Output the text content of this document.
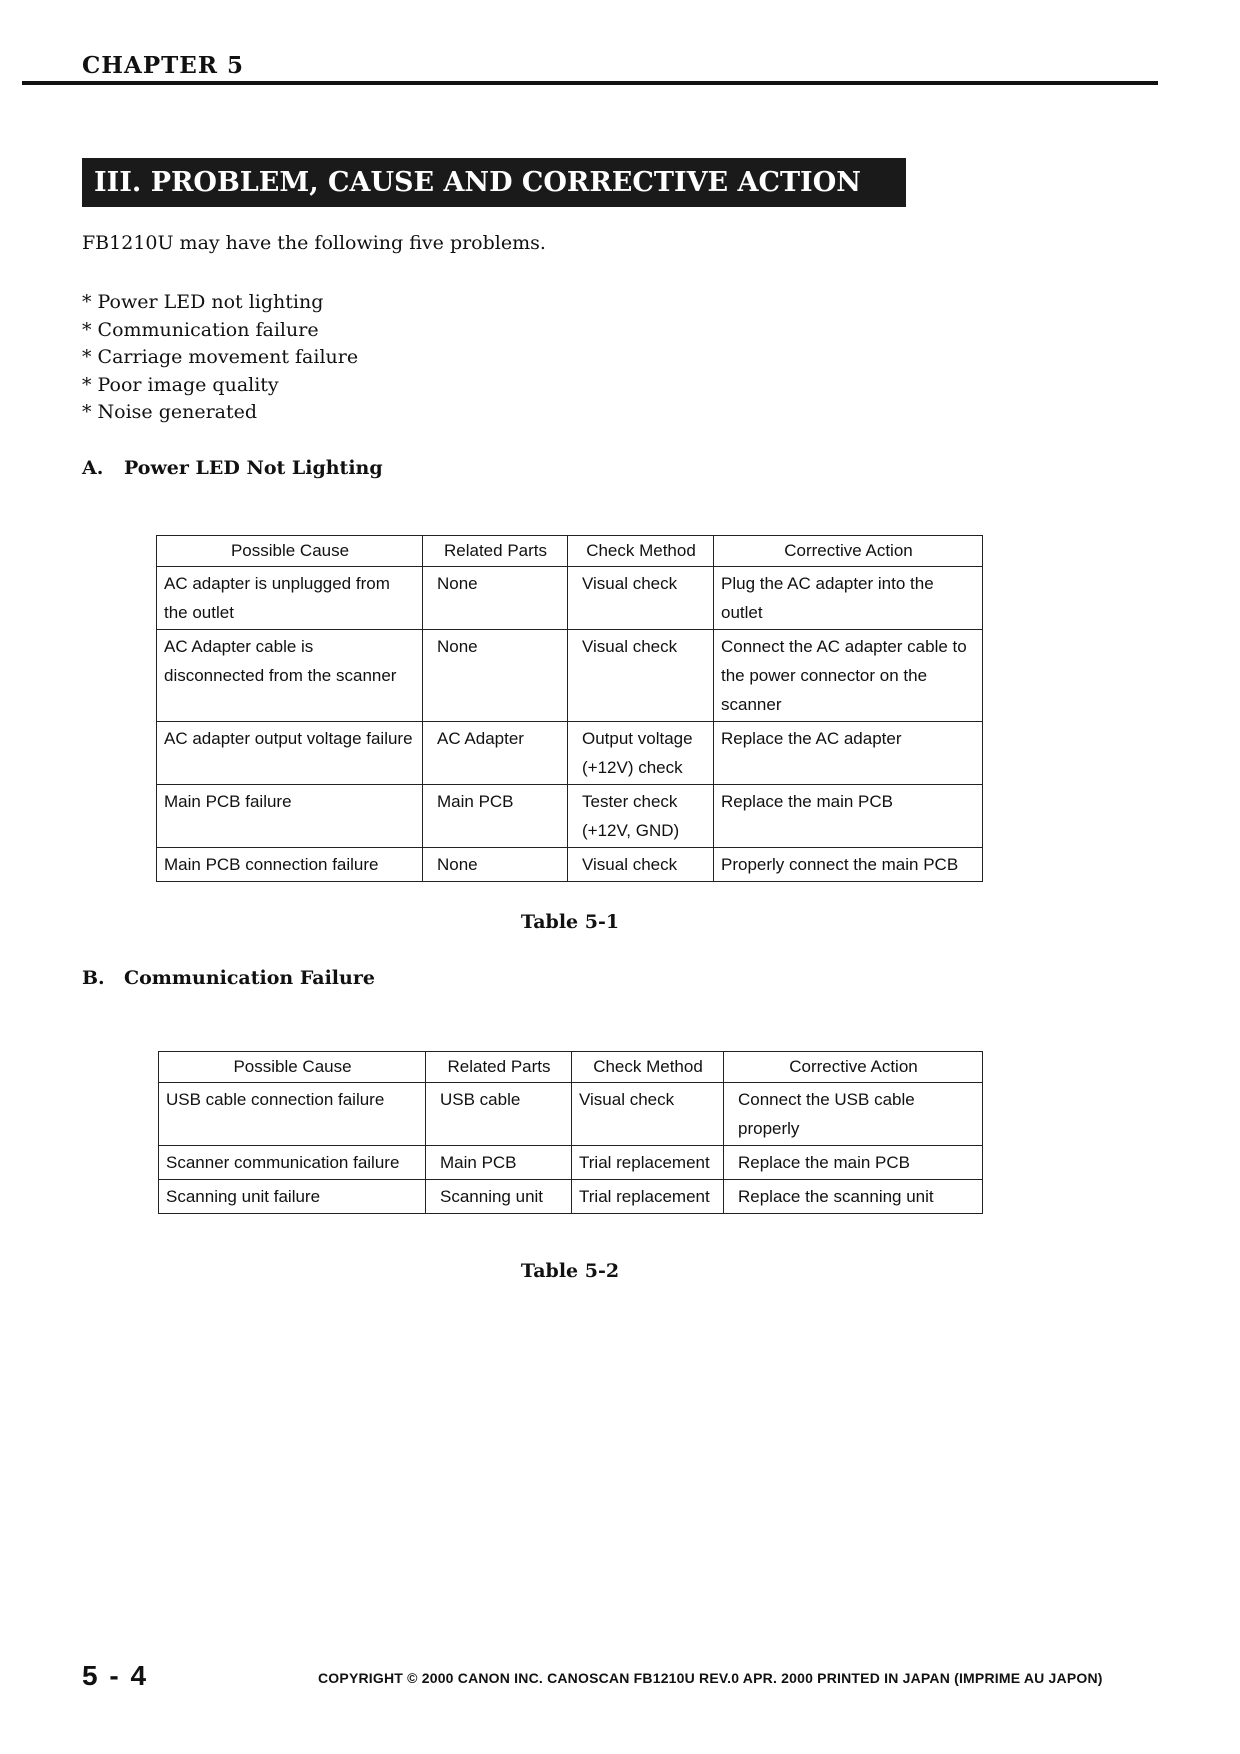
CHAPTER 5
III. PROBLEM, CAUSE AND CORRECTIVE ACTION
FB1210U may have the following five problems.
* Power LED not lighting
* Communication failure
* Carriage movement failure
* Poor image quality
* Noise generated
A. Power LED Not Lighting
Possible Cause	Related Parts	Check Method	Corrective Action
AC adapter is unplugged from the outlet	None	Visual check	Plug the AC adapter into the outlet
AC Adapter cable is disconnected from the scanner	None	Visual check	Connect the AC adapter cable to the power connector on the scanner
AC adapter output voltage failure	AC Adapter	Output voltage (+12V) check	Replace the AC adapter
Main PCB failure	Main PCB	Tester check (+12V, GND)	Replace the main PCB
Main PCB connection failure	None	Visual check	Properly connect the main PCB
Table 5-1
B. Communication Failure
Possible Cause	Related Parts	Check Method	Corrective Action
USB cable connection failure	USB cable	Visual check	Connect the USB cable properly
Scanner communication failure	Main PCB	Trial replacement	Replace the main PCB
Scanning unit failure	Scanning unit	Trial replacement	Replace the scanning unit
Table 5-2
5 - 4	COPYRIGHT © 2000 CANON INC. CANOSCAN FB1210U REV.0 APR. 2000 PRINTED IN JAPAN (IMPRIME AU JAPON)
